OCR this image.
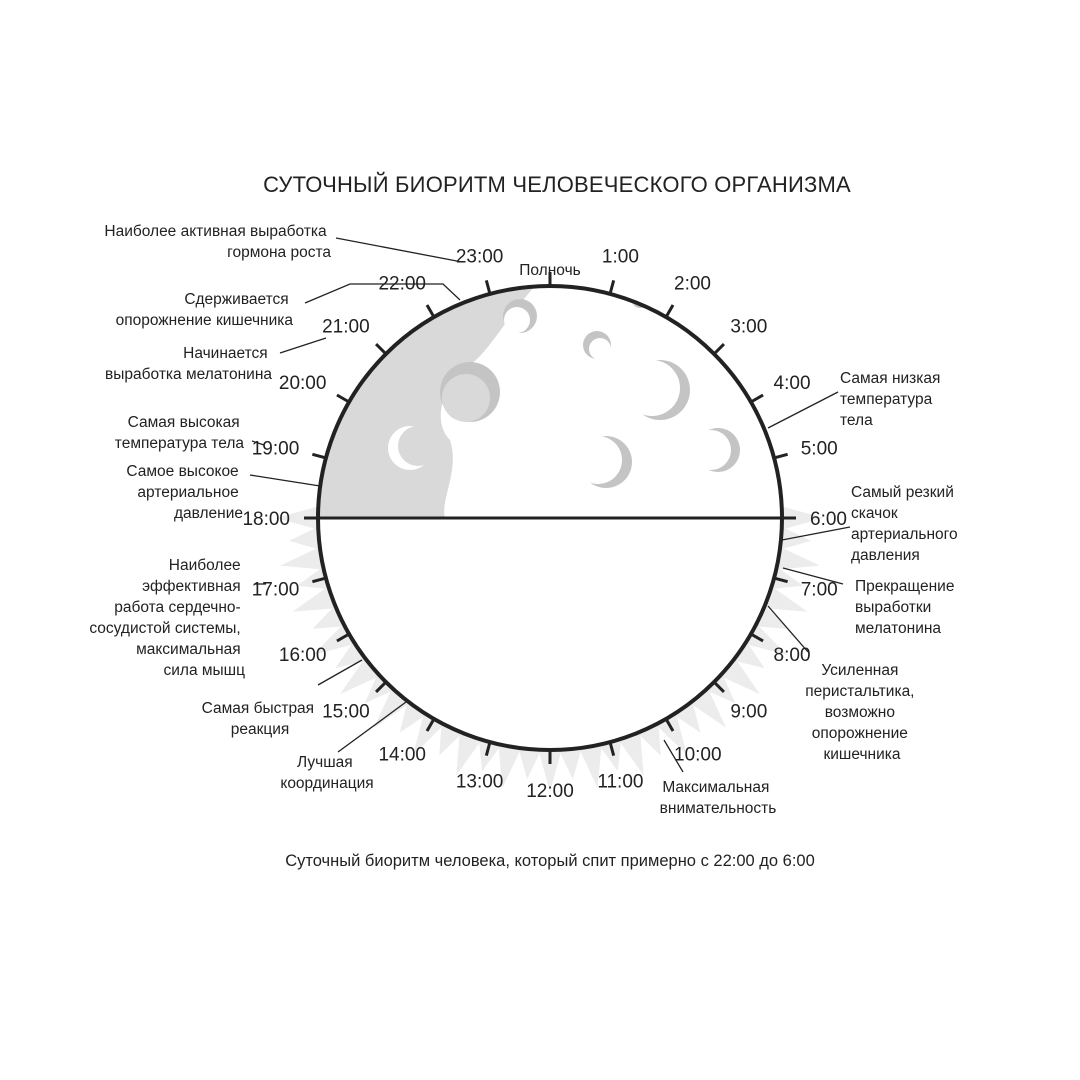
СУТОЧНЫЙ БИОРИТМ ЧЕЛОВЕЧЕСКОГО ОРГАНИЗМА
Полночь
1:00
2:00
3:00
4:00
5:00
6:00
7:00
8:00
9:00
10:00
11:00
12:00
13:00
14:00
15:00
16:00
17:00
18:00
19:00
20:00
21:00
22:00
23:00
Наиболее активная выработка гормона роста
Сдерживается опорожнение кишечника
Начинается выработка мелатонина
Самая высокая температура тела
Самое высокое артериальное давление
Наиболее эффективная работа сердечно- сосудистой системы, максимальная сила мышц
Самая быстрая реакция
Лучшая координация	Максимальная внимательность
Усиленная перистальтика, возможно опорожнение кишечника
Прекращение выработки мелатонина
Самый резкий скачок артериального давления
Самая низкая температура тела
Суточный биоритм человека, который спит примерно с 22:00 до 6:00
